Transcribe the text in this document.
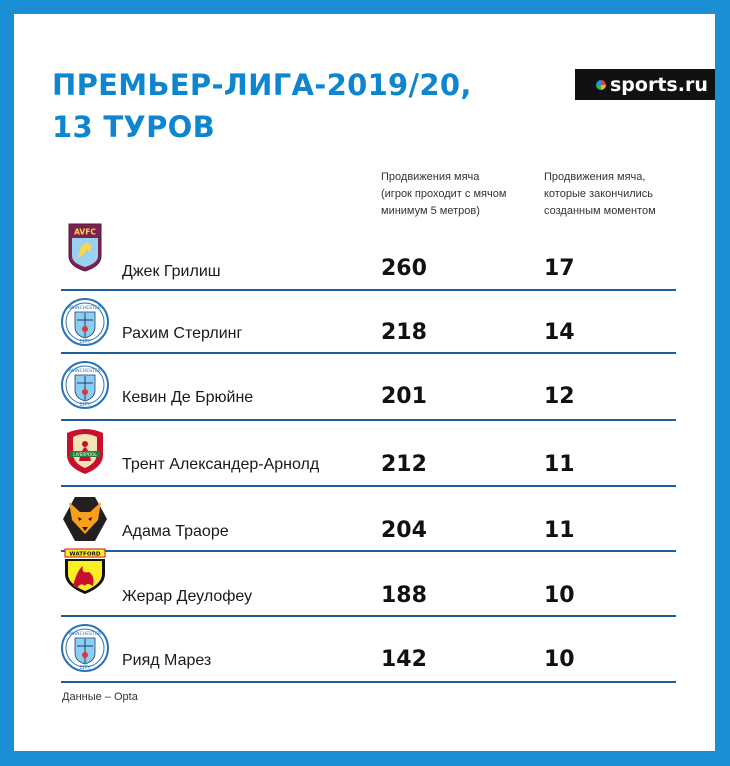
ПРЕМЬЕР-ЛИГА-2019/20,
13 ТУРОВ
sports.ru

Продвижения мяча
(игрок проходит с мячом
минимум 5 метров)

Продвижения мяча,
которые закончились
созданным моментом

AVFC
Джек Грилиш	260	17
MANCHESTER
CITY Рахим Стерлинг	218	14
MANCHESTER
CITY Кевин Де Брюйне	201	12
LIVERPOOL
Трент Александер-Арнолд	212	11
Адама Траоре	204	11
WATFORD
Жерар Деулофеу	188	10
MANCHESTER
CITY Рияд Марез	142	10
Данные – Opta
